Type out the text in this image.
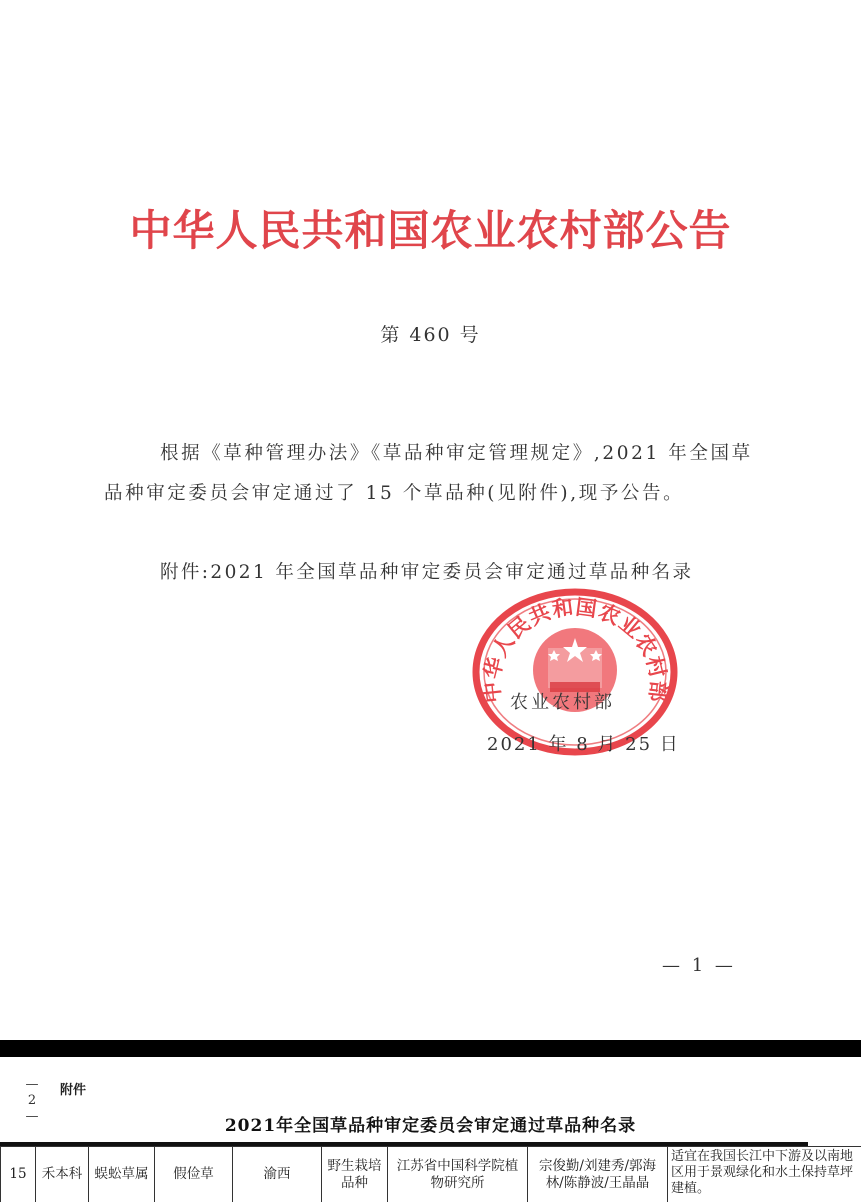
中华人民共和国农业农村部公告
第 460 号
根据《草种管理办法》《草品种审定管理规定》,2021 年全国草品种审定委员会审定通过了 15 个草品种(见附件),现予公告。
附件:2021 年全国草品种审定委员会审定通过草品种名录
中华人民共和国农业农村部
农业农村部
2021 年 8 月 25 日
— 1 —
—
2
—
附件
2021年全国草品种审定委员会审定通过草品种名录
15	禾本科	蜈蚣草属	假俭草	渝西	野生栽培品种	江苏省中国科学院植物研究所	宗俊勤/刘建秀/郭海林/陈静波/王晶晶	适宜在我国长江中下游及以南地区用于景观绿化和水土保持草坪建植。
